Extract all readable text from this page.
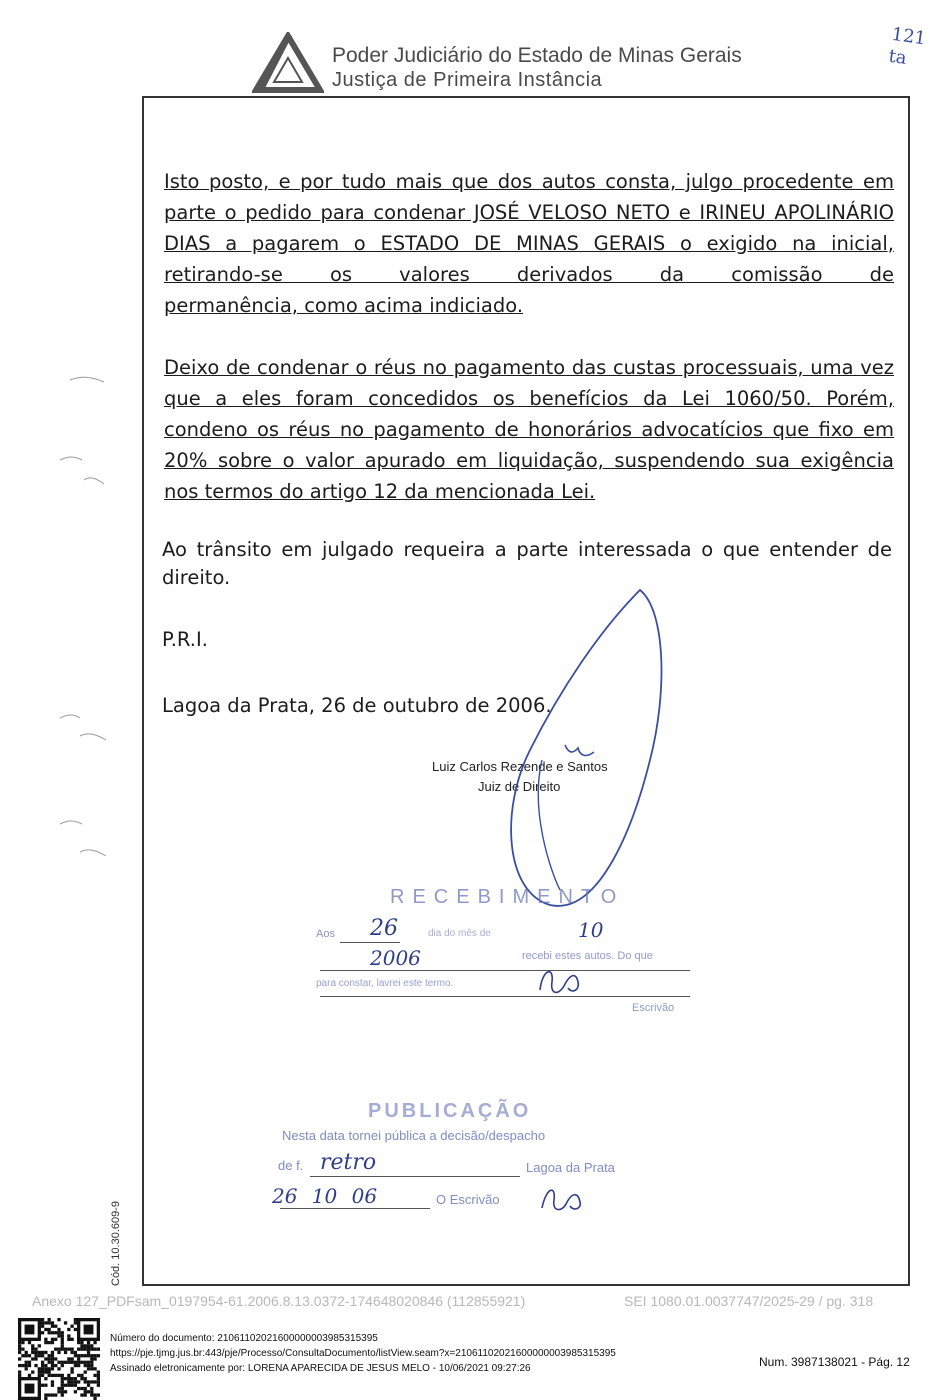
Poder Judiciário do Estado de Minas Gerais
Justiça de Primeira Instância
121
ta
Isto posto, e por tudo mais que dos autos consta, julgo procedente em parte o pedido para condenar JOSÉ VELOSO NETO e IRINEU APOLINÁRIO DIAS a pagarem o ESTADO DE MINAS GERAIS o exigido na inicial, retirando-se os valores derivados da comissão de
permanência, como acima indiciado.
Deixo de condenar o réus no pagamento das custas processuais, uma vez que a eles foram concedidos os benefícios da Lei 1060/50. Porém, condeno os réus no pagamento de honorários advocatícios que fixo em 20% sobre o valor apurado em liquidação, suspendendo sua exigência
nos termos do artigo 12 da mencionada Lei.
Ao trânsito em julgado requeira a parte interessada o que entender de
direito.
P.R.I.
Lagoa da Prata, 26 de outubro de 2006.
Luiz Carlos Rezende e Santos
Juiz de Direito
RECEBIMENTO
Aos 26	dia do mês de	10
2006	recebi estes autos. Do que
para constar, lavrei este termo.
Escrivão
PUBLICAÇÃO
Nesta data tornei pública a decisão/despacho
de f. retro	Lagoa da Prata
26 10 06	O Escrivão
Cód. 10.30.609-9
Anexo 127_PDFsam_0197954-61.2006.8.13.0372-174648020846 (112855921)	SEI 1080.01.0037747/2025-29 / pg. 318
Número do documento: 21061102021600000003985315395
https://pje.tjmg.jus.br:443/pje/Processo/ConsultaDocumento/listView.seam?x=21061102021600000003985315395
Assinado eletronicamente por: LORENA APARECIDA DE JESUS MELO - 10/06/2021 09:27:26	Num. 3987138021 - Pág. 12
